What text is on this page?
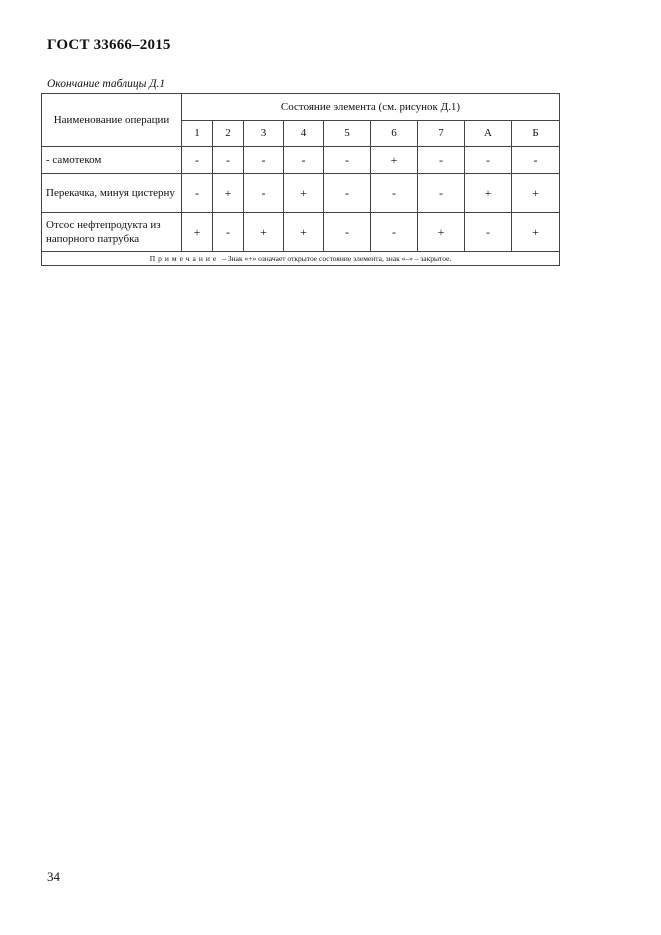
ГОСТ 33666–2015
Окончание таблицы Д.1
Наименование операции	Состояние элемента (см. рисунок Д.1)								
	1	2	3	4	5	6	7	А	Б
- самотеком	-	-	-	-	-	+	-	-	-
Перекачка, минуя цистерну	-	+	-	+	-	-	-	+	+
Отсос нефтепродукта из напорного патрубка	+	-	+	+	-	-	+	-	+
Примечание – Знак «+» означает открытое состояние элемента, знак «–» – закрытое.									
34
